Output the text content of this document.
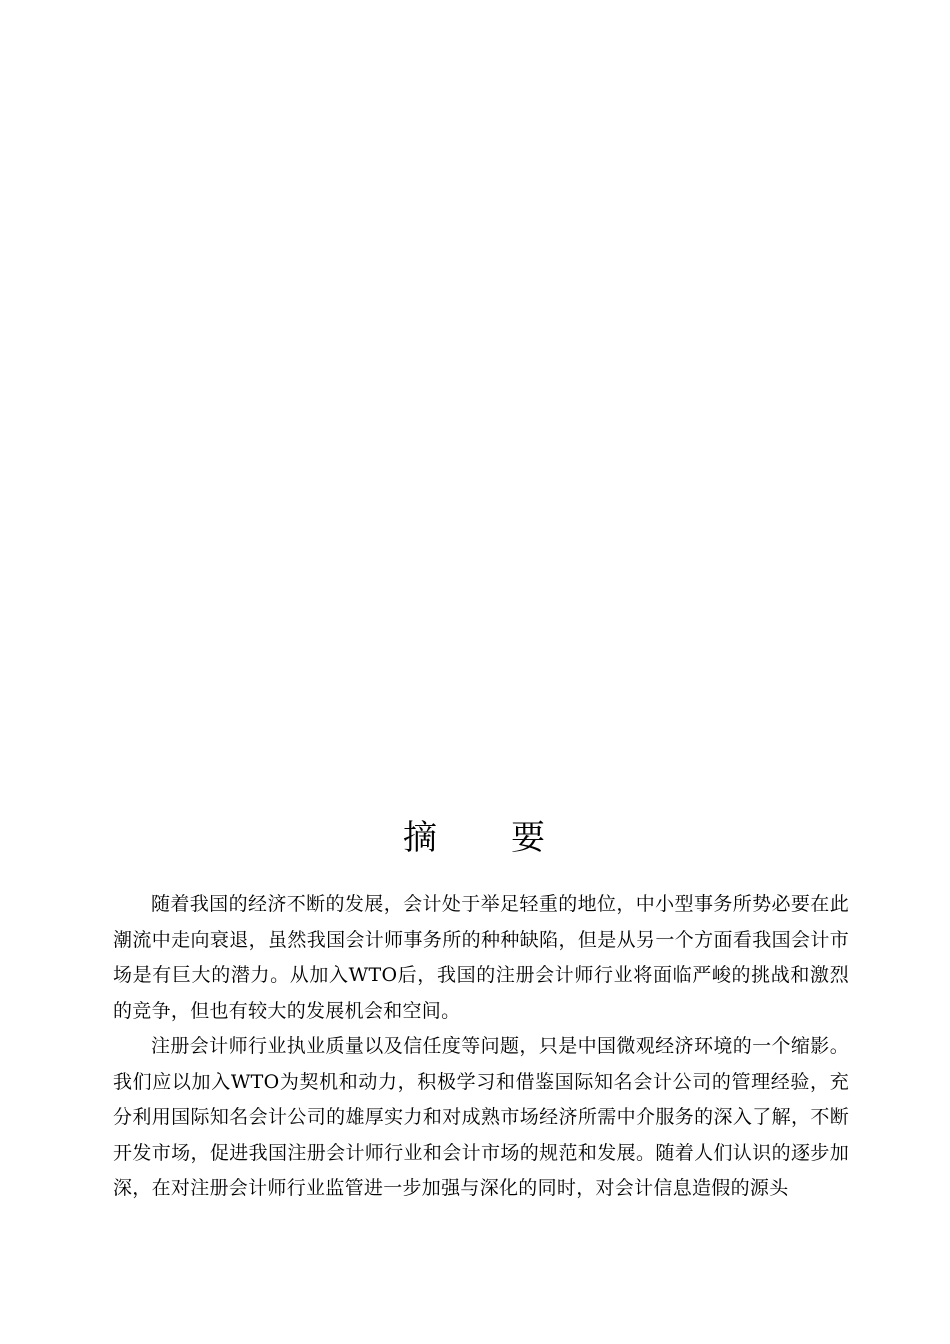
摘 要

随着我国的经济不断的发展，会计处于举足轻重的地位，中小型事务所势必要在此潮流中走向衰退，虽然我国会计师事务所的种种缺陷，但是从另一个方面看我国会计市场是有巨大的潜力。从加入WTO后，我国的注册会计师行业将面临严峻的挑战和激烈的竞争，但也有较大的发展机会和空间。

注册会计师行业执业质量以及信任度等问题，只是中国微观经济环境的一个缩影。我们应以加入WTO为契机和动力，积极学习和借鉴国际知名会计公司的管理经验，充分利用国际知名会计公司的雄厚实力和对成熟市场经济所需中介服务的深入了解，不断开发市场，促进我国注册会计师行业和会计市场的规范和发展。随着人们认识的逐步加深，在对注册会计师行业监管进一步加强与深化的同时，对会计信息造假的源头
